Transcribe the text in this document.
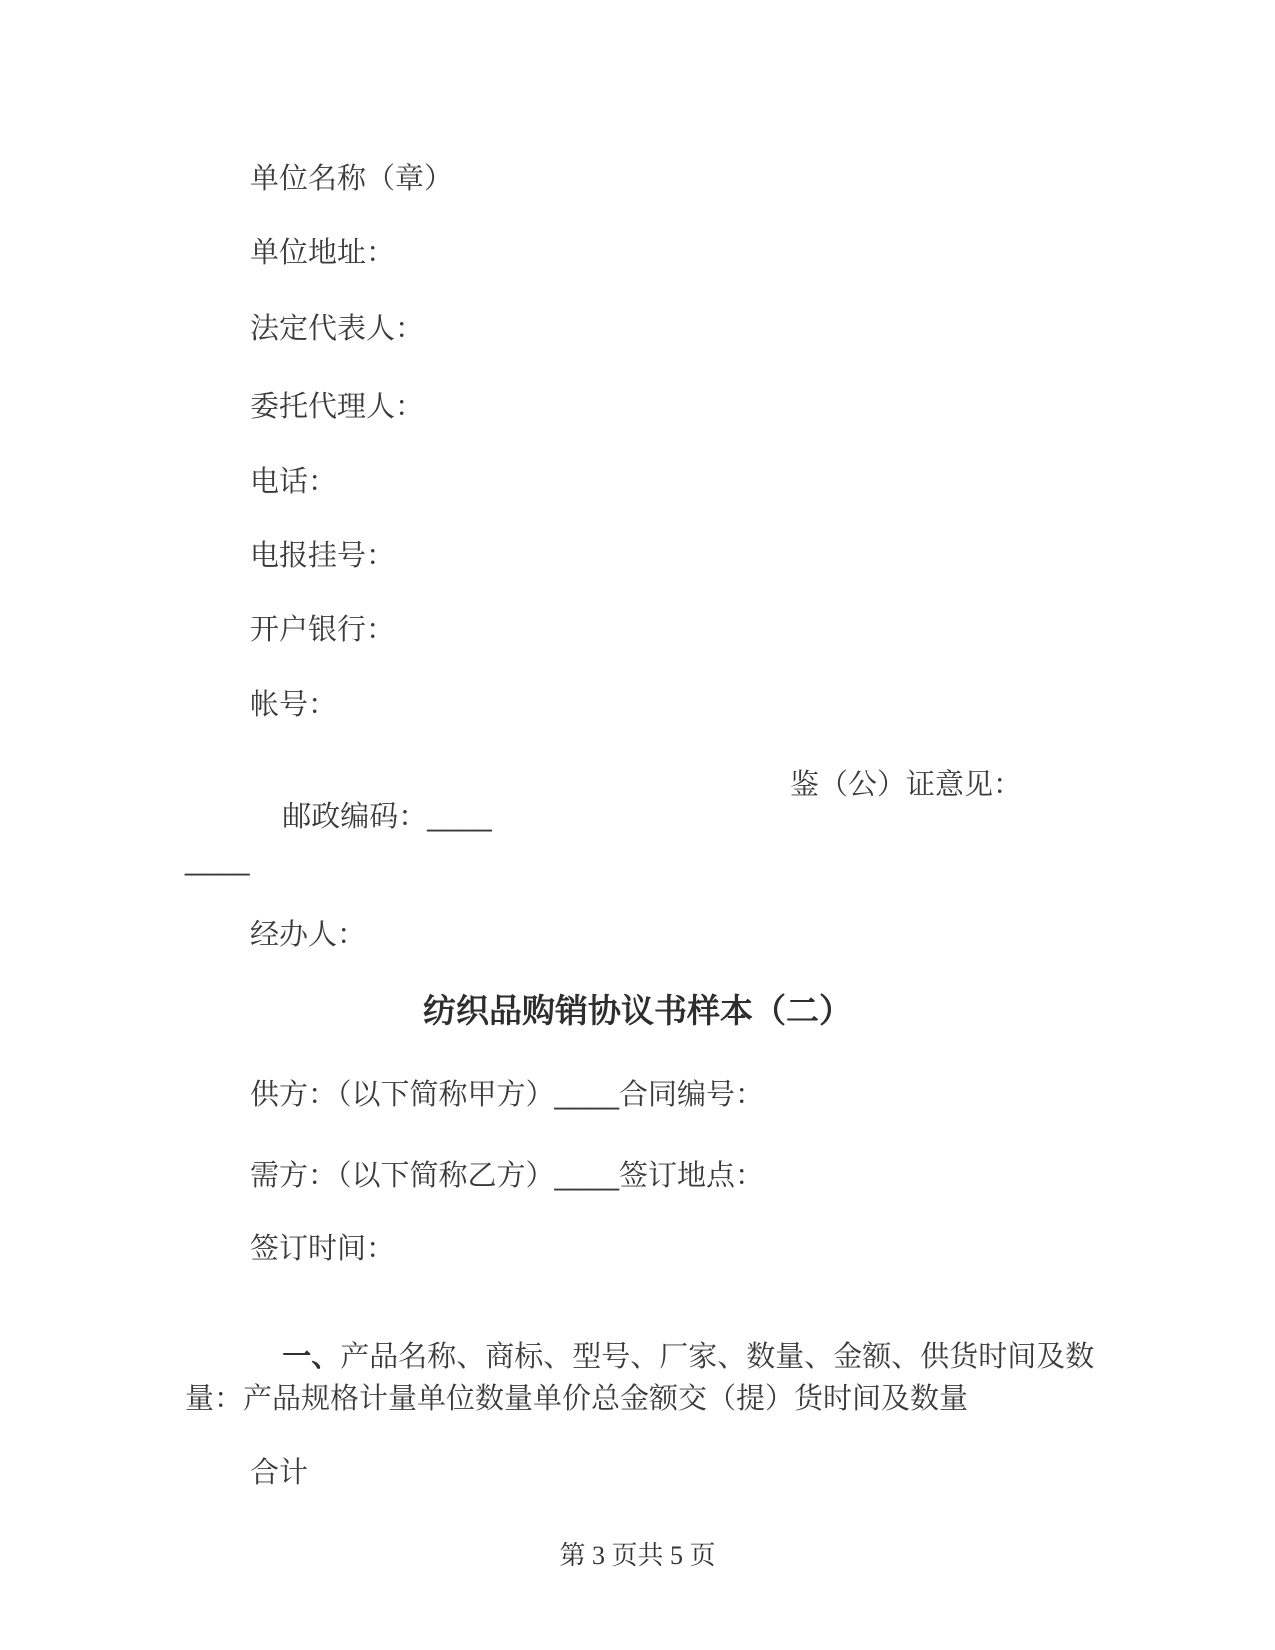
单位名称（章）
单位地址：
法定代表人：
委托代理人：
电话：
电报挂号：
开户银行：
帐号：

邮政编码：____

鉴（公）证意见：

____
经办人：
纺织品购销协议书样本（二）
供方：（以下简称甲方）____合同编号：
需方：（以下简称乙方）____签订地点：
签订时间：

一、产品名称、商标、型号、厂家、数量、金额、供货时间及数

量：产品规格计量单位数量单价总金额交（提）货时间及数量
合计
第 3 页共 5 页
